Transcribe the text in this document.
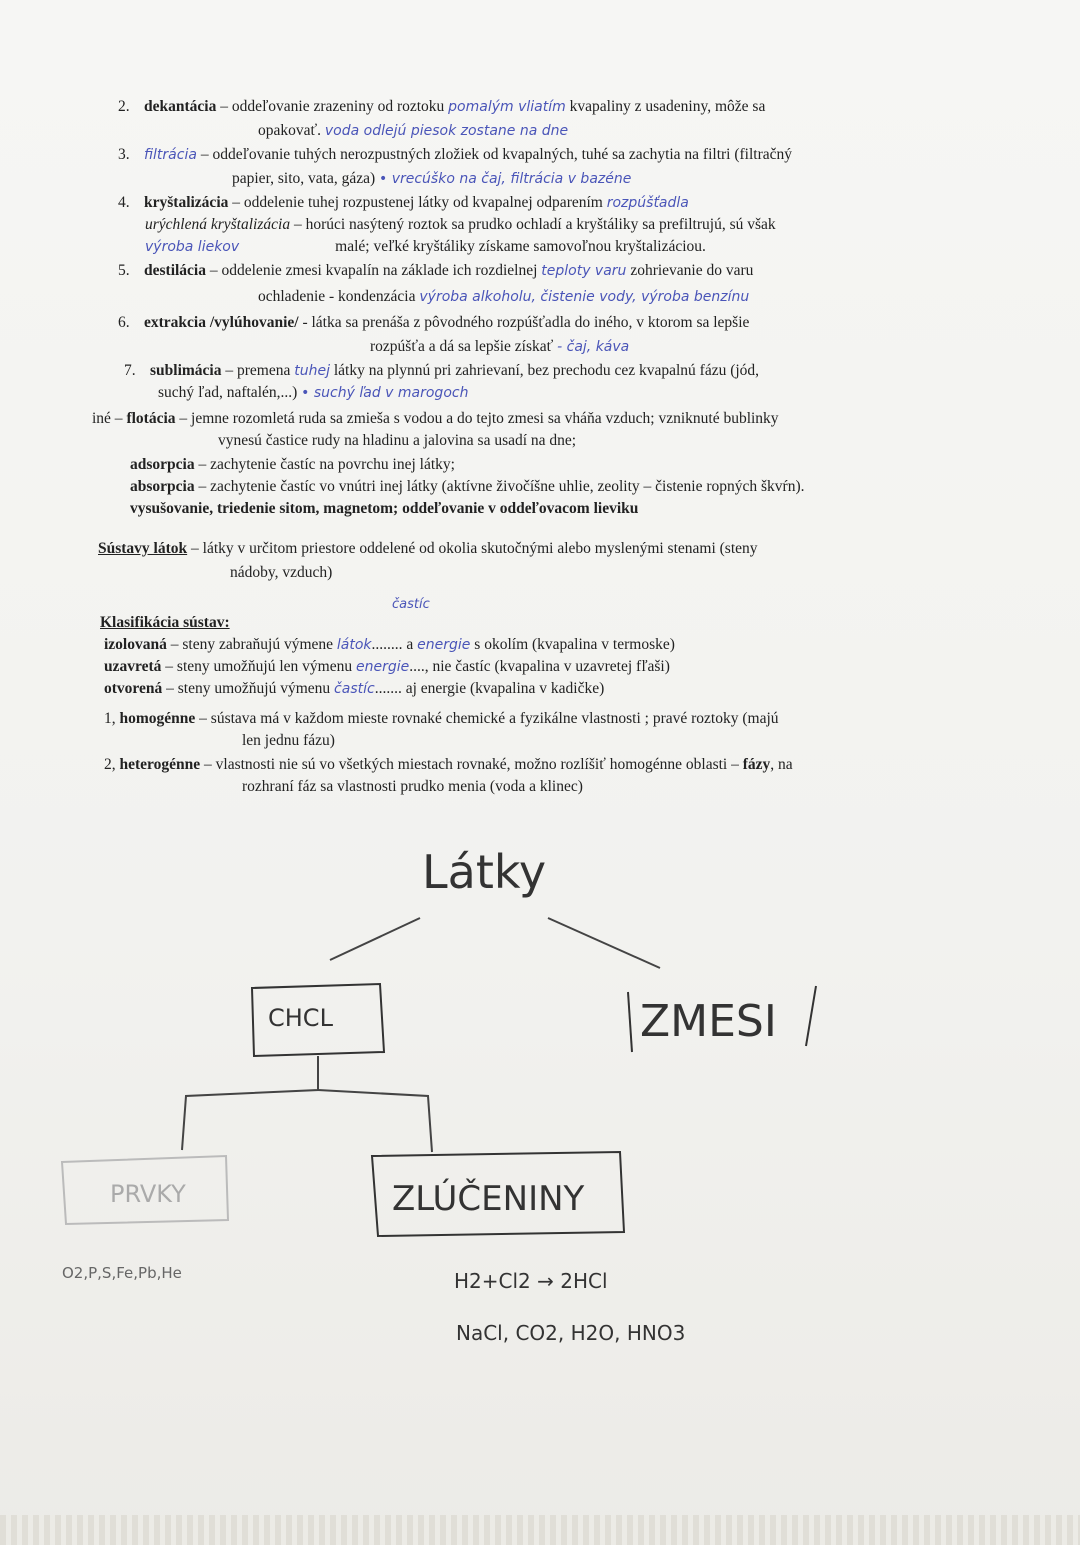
2. dekantácia – oddeľovanie zrazeniny od roztoku pomalým vliatím kvapaliny z usadeniny, môže sa
opakovať. voda odlejú piesok zostane na dne
3. filtrácia – oddeľovanie tuhých nerozpustných zložiek od kvapalných, tuhé sa zachytia na filtri (filtračný
papier, sito, vata, gáza) • vrecúško na čaj, filtrácia v bazéne
4. kryštalizácia – oddelenie tuhej rozpustenej látky od kvapalnej odparením rozpúšťadla
urýchlená kryštalizácia – horúci nasýtený roztok sa prudko ochladí a kryštáliky sa prefiltrujú, sú však
výroba liekov	malé; veľké kryštáliky získame samovoľnou kryštalizáciou.
5. destilácia – oddelenie zmesi kvapalín na základe ich rozdielnej teploty varu zohrievanie do varu
ochladenie - kondenzácia výroba alkoholu, čistenie vody, výroba benzínu
6. extrakcia /vylúhovanie/ - látka sa prenáša z pôvodného rozpúšťadla do iného, v ktorom sa lepšie
rozpúšťa a dá sa lepšie získať - čaj, káva
7. sublimácia – premena tuhej látky na plynnú pri zahrievaní, bez prechodu cez kvapalnú fázu (jód,
suchý ľad, naftalén,...) • suchý ľad v marogoch
iné – flotácia – jemne rozomletá ruda sa zmieša s vodou a do tejto zmesi sa vháňa vzduch; vzniknuté bublinky
vynesú častice rudy na hladinu a jalovina sa usadí na dne;
adsorpcia – zachytenie častíc na povrchu inej látky;
absorpcia – zachytenie častíc vo vnútri inej látky (aktívne živočíšne uhlie, zeolity – čistenie ropných škvŕn).
vysušovanie, triedenie sitom, magnetom; oddeľovanie v oddeľovacom lieviku
Sústavy látok – látky v určitom priestore oddelené od okolia skutočnými alebo myslenými stenami (steny
nádoby, vzduch)
častíc
Klasifikácia sústav:
izolovaná – steny zabraňujú výmene látok........ a energie s okolím (kvapalina v termoske)
uzavretá – steny umožňujú len výmenu energie...., nie častíc (kvapalina v uzavretej fľaši)
otvorená – steny umožňujú výmenu častíc....... aj energie (kvapalina v kadičke)
1, homogénne – sústava má v každom mieste rovnaké chemické a fyzikálne vlastnosti ; pravé roztoky (majú
len jednu fázu)
2, heterogénne – vlastnosti nie sú vo všetkých miestach rovnaké, možno rozlíšiť homogénne oblasti – fázy, na
rozhraní fáz sa vlastnosti prudko menia (voda a klinec)
Látky
CHCL	ZMESI
PRVKY	ZLÚČENINY
O2,P,S,Fe,Pb,He	H2+Cl2 → 2HCl
NaCl, CO2, H2O, HNO3
